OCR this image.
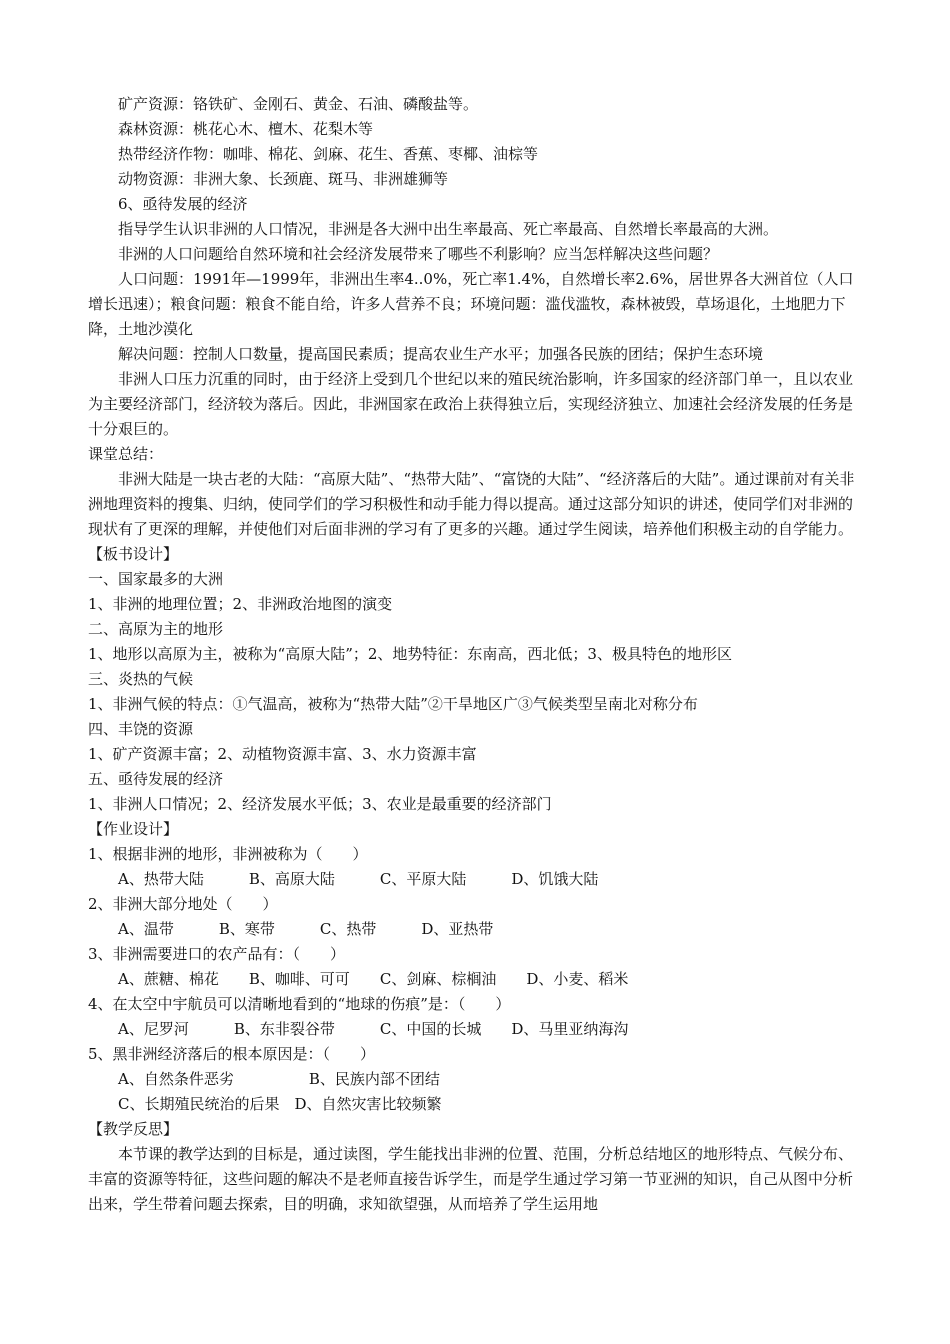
矿产资源：铬铁矿、金刚石、黄金、石油、磷酸盐等。

森林资源：桃花心木、檀木、花梨木等

热带经济作物：咖啡、棉花、剑麻、花生、香蕉、枣椰、油棕等

动物资源：非洲大象、长颈鹿、斑马、非洲雄狮等

6、亟待发展的经济

指导学生认识非洲的人口情况，非洲是各大洲中出生率最高、死亡率最高、自然增长率最高的大洲。

非洲的人口问题给自然环境和社会经济发展带来了哪些不利影响？应当怎样解决这些问题？

人口问题：1991年—1999年，非洲出生率4..0%，死亡率1.4%，自然增长率2.6%，居世界各大洲首位（人口增长迅速）；粮食问题：粮食不能自给，许多人营养不良；环境问题：滥伐滥牧，森林被毁，草场退化，土地肥力下降，土地沙漠化

解决问题：控制人口数量，提高国民素质；提高农业生产水平；加强各民族的团结；保护生态环境

非洲人口压力沉重的同时，由于经济上受到几个世纪以来的殖民统治影响，许多国家的经济部门单一，且以农业为主要经济部门，经济较为落后。因此，非洲国家在政治上获得独立后，实现经济独立、加速社会经济发展的任务是十分艰巨的。

课堂总结：

非洲大陆是一块古老的大陆：“高原大陆”、“热带大陆”、“富饶的大陆”、“经济落后的大陆”。通过课前对有关非洲地理资料的搜集、归纳，使同学们的学习积极性和动手能力得以提高。通过这部分知识的讲述，使同学们对非洲的现状有了更深的理解，并使他们对后面非洲的学习有了更多的兴趣。通过学生阅读，培养他们积极主动的自学能力。

【板书设计】

一、国家最多的大洲

1、非洲的地理位置；2、非洲政治地图的演变

二、高原为主的地形

1、地形以高原为主，被称为“高原大陆”；2、地势特征：东南高，西北低；3、极具特色的地形区

三、炎热的气候

1、非洲气候的特点：①气温高，被称为“热带大陆”②干旱地区广③气候类型呈南北对称分布

四、丰饶的资源

1、矿产资源丰富；2、动植物资源丰富、3、水力资源丰富

五、亟待发展的经济

1、非洲人口情况；2、经济发展水平低；3、农业是最重要的经济部门

【作业设计】

1、根据非洲的地形，非洲被称为（　　）

A、热带大陆　　　B、高原大陆　　　C、平原大陆　　　D、饥饿大陆

2、非洲大部分地处（　　）

A、温带　　　B、寒带　　　C、热带　　　D、亚热带

3、非洲需要进口的农产品有：（　　）

A、蔗糖、棉花　　B、咖啡、可可　　C、剑麻、棕榈油　　D、小麦、稻米

4、在太空中宇航员可以清晰地看到的“地球的伤痕”是：（　　）

A、尼罗河　　　B、东非裂谷带　　　C、中国的长城　　D、马里亚纳海沟

5、黑非洲经济落后的根本原因是：（　　）

A、自然条件恶劣　　　　　B、民族内部不团结

C、长期殖民统治的后果　D、自然灾害比较频繁

【教学反思】

本节课的教学达到的目标是，通过读图，学生能找出非洲的位置、范围，分析总结地区的地形特点、气候分布、丰富的资源等特征，这些问题的解决不是老师直接告诉学生，而是学生通过学习第一节亚洲的知识，自己从图中分析出来，学生带着问题去探索，目的明确，求知欲望强，从而培养了学生运用地
